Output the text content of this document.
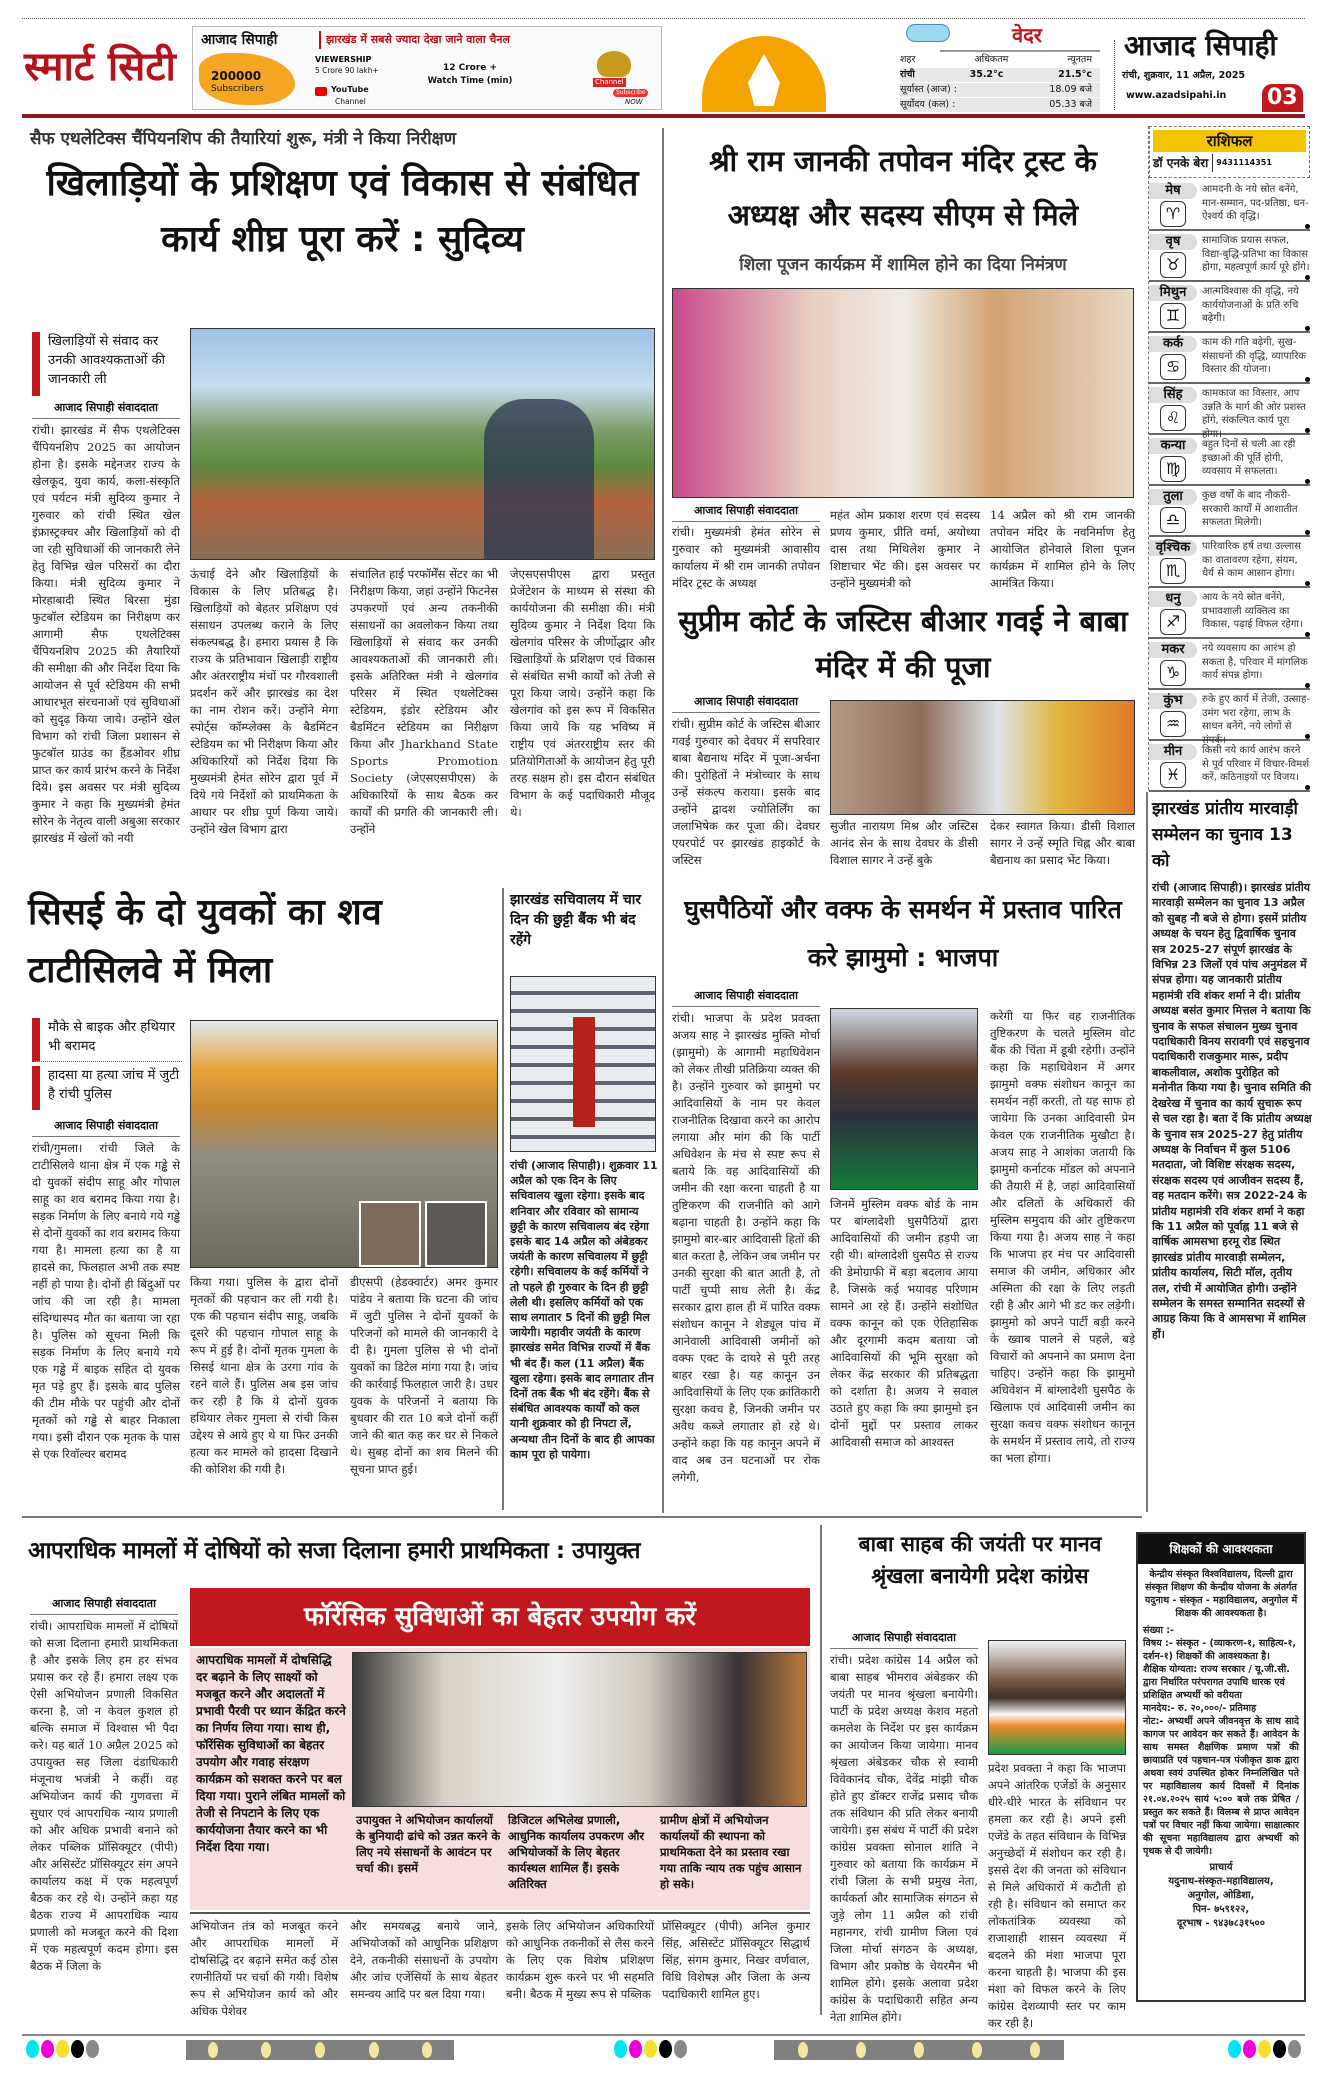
स्मार्ट सिटी
आजाद सिपाही	झारखंड में सबसे ज्यादा देखा जाने वाला चैनल
200000
Subscribers
VIEWERSHIP
5 Crore 90 lakh+	12 Crore +
Watch Time (min)
YouTube
Channel
Channel
Subscribe
NOW
वेदर
शहर	अधिकतम	न्यूनतम
रांची	35.2°c	21.5°c
सूर्यास्त (आज) :	18.09 बजे
सूर्योदय (कल) :	05.33 बजे
आजाद सिपाही
रांची, शुक्रवार, 11 अप्रैल, 2025
www.azadsipahi.in 03
सैफ एथलेटिक्स चैंपियनशिप की तैयारियां शुरू, मंत्री ने किया निरीक्षण
खिलाड़ियों के प्रशिक्षण एवं विकास से संबंधित कार्य शीघ्र पूरा करें : सुदिव्य
खिलाड़ियों से संवाद कर उनकी आवश्यकताओं की जानकारी ली
आजाद सिपाही संवाददाता
रांची। झारखंड में सैफ एथलेटिक्स चैंपियनशिप 2025 का आयोजन होना है। इसके मद्देनजर राज्य के खेलकूद, युवा कार्य, कला-संस्कृति एवं पर्यटन मंत्री सुदिव्य कुमार ने गुरुवार को रांची स्थित खेल इंफ्रास्ट्रक्चर और खिलाड़ियों को दी जा रही सुविधाओं की जानकारी लेने हेतु विभिन्न खेल परिसरों का दौरा किया। मंत्री सुदिव्य कुमार ने मोरहाबादी स्थित बिरसा मुंडा फुटबॉल स्टेडियम का निरीक्षण कर आगामी सैफ एथलेटिक्स चैंपियनशिप 2025 की तैयारियों की समीक्षा की और निर्देश दिया कि आयोजन से पूर्व स्टेडियम की सभी आधारभूत संरचनाओं एवं सुविधाओं को सुदृढ़ किया जाये। उन्होंने खेल विभाग को रांची जिला प्रशासन से फुटबॉल ग्राउंड का हैंडओवर शीघ्र प्राप्त कर कार्य प्रारंभ करने के निर्देश दिये। इस अवसर पर मंत्री सुदिव्य कुमार ने कहा कि मुख्यमंत्री हेमंत सोरेन के नेतृत्व वाली अबुआ सरकार झारखंड में खेलों को नयी
ऊंचाई देने और खिलाड़ियों के विकास के लिए प्रतिबद्ध है। खिलाड़ियों को बेहतर प्रशिक्षण एवं संसाधन उपलब्ध कराने के लिए संकल्पबद्ध है। हमारा प्रयास है कि राज्य के प्रतिभावान खिलाड़ी राष्ट्रीय और अंतरराष्ट्रीय मंचों पर गौरवशाली प्रदर्शन करें और झारखंड का देश का नाम रोशन करें। उन्होंने मेगा स्पोर्ट्स कॉम्प्लेक्स के बैडमिंटन स्टेडियम का भी निरीक्षण किया और अधिकारियों को निर्देश दिया कि मुख्यमंत्री हेमंत सोरेन द्वारा पूर्व में दिये गये निर्देशों को प्राथमिकता के आधार पर शीघ्र पूर्ण किया जाये। उन्होंने खेल विभाग द्वारा
संचालित हाई परफॉर्मेंस सेंटर का भी निरीक्षण किया, जहां उन्होंने फिटनेस उपकरणों एवं अन्य तकनीकी संसाधनों का अवलोकन किया तथा खिलाड़ियों से संवाद कर उनकी आवश्यकताओं की जानकारी ली। इसके अतिरिक्त मंत्री ने खेलगांव परिसर में स्थित एथलेटिक्स स्टेडियम, इंडोर स्टेडियम और बैडमिंटन स्टेडियम का निरीक्षण किया और Jharkhand State Sports Promotion Society (जेएसएसपीएस) के अधिकारियों के साथ बैठक कर कार्यों की प्रगति की जानकारी ली। उन्होंने
जेएसएसपीएस द्वारा प्रस्तुत प्रेजेंटेशन के माध्यम से संस्था की कार्ययोजना की समीक्षा की। मंत्री सुदिव्य कुमार ने निर्देश दिया कि खेलगांव परिसर के जीर्णोद्धार और खिलाड़ियों के प्रशिक्षण एवं विकास से संबंधित सभी कार्यों को तेजी से पूरा किया जाये। उन्होंने कहा कि खेलगांव को इस रूप में विकसित किया जाये कि यह भविष्य में राष्ट्रीय एवं अंतरराष्ट्रीय स्तर की प्रतियोगिताओं के आयोजन हेतु पूरी तरह सक्षम हो। इस दौरान संबंधित विभाग के कई पदाधिकारी मौजूद थे।
श्री राम जानकी तपोवन मंदिर ट्रस्ट के अध्यक्ष और सदस्य सीएम से मिले
शिला पूजन कार्यक्रम में शामिल होने का दिया निमंत्रण
आजाद सिपाही संवाददाता
रांची। मुख्यमंत्री हेमंत सोरेन से गुरुवार को मुख्यमंत्री आवासीय कार्यालय में श्री राम जानकी तपोवन मंदिर ट्रस्ट के अध्यक्ष
महंत ओम प्रकाश शरण एवं सदस्य प्रणय कुमार, प्रीति वर्मा, अयोध्या दास तथा मिथिलेश कुमार ने शिष्टाचार भेंट की। इस अवसर पर उन्होंने मुख्यमंत्री को
14 अप्रैल को श्री राम जानकी तपोवन मंदिर के नवनिर्माण हेतु आयोजित होनेवाले शिला पूजन कार्यक्रम में शामिल होने के लिए आमंत्रित किया।
सुप्रीम कोर्ट के जस्टिस बीआर गवई ने बाबा मंदिर में की पूजा
आजाद सिपाही संवाददाता
रांची। सुप्रीम कोर्ट के जस्टिस बीआर गवई गुरुवार को देवघर में सपरिवार बाबा बैद्यनाथ मंदिर में पूजा-अर्चना की। पुरोहितों ने मंत्रोच्चार के साथ उन्हें संकल्प कराया। इसके बाद उन्होंने द्वादश ज्योतिर्लिंग का जलाभिषेक कर पूजा की। देवघर एयरपोर्ट पर झारखंड हाइकोर्ट के जस्टिस
सुजीत नारायण मिश्र और जस्टिस आनंद सेन के साथ देवघर के डीसी विशाल सागर ने उन्हें बुके
देकर स्वागत किया। डीसी विशाल सागर ने उन्हें स्मृति चिह्न और बाबा बैद्यनाथ का प्रसाद भेंट किया।
राशिफल
डॉ एनके बेरा	9431114351
मेष
♈
आमदनी के नये स्रोत बनेंगे, मान-सम्मान, पद-प्रतिष्ठा, धन-ऐश्वर्य की वृद्धि।
वृष
♉
सामाजिक प्रयास सफल, विद्या-बुद्धि-प्रतिभा का विकास होगा, महत्वपूर्ण कार्य पूरे होंगे।
मिथुन
♊
आत्मविश्वास की वृद्धि, नये कार्ययोजनाओं के प्रति रुचि बढ़ेगी।
कर्क
♋
काम की गति बढ़ेगी, सुख-संसाधनों की वृद्धि, व्यापारिक विस्तार की योजना।
सिंह
♌
कामकाज का विस्तार, आप उन्नति के मार्ग की ओर प्रशस्त होंगे, संकल्पित कार्य पूरा होगा।
कन्या
♍
बहुत दिनों से चली आ रही इच्छाओं की पूर्ति होगी, व्यवसाय में सफलता।
तुला
♎
कुछ वर्षों के बाद नौकरी-सरकारी कार्यों में आशातीत सफलता मिलेगी।
वृश्चिक
♏
पारिवारिक हर्ष तथा उल्लास का वातावरण रहेगा, संयम, धैर्य से काम आसान होगा।
धनु
♐
आय के नये स्रोत बनेंगे, प्रभावशाली व्यक्तित्व का विकास, पढ़ाई विफल रहेगा।
मकर
♑
नये व्यवसाय का आरंभ हो सकता है, परिवार में मांगलिक कार्य संपन्न होगा।
कुंभ
♒
रुके हुए कार्य में तेजी, उत्साह-उमंग भरा रहेगा, लाभ के साधन बनेंगे, नये लोगों से संपर्क।
मीन
♓
किसी नये कार्य आरंभ करने से पूर्व परिवार में विचार-विमर्श करें, कठिनाइयों पर विजय।
झारखंड प्रांतीय मारवाड़ी सम्मेलन का चुनाव 13 को
रांची (आजाद सिपाही)। झारखंड प्रांतीय मारवाड़ी सम्मेलन का चुनाव 13 अप्रैल को सुबह नौ बजे से होगा। इसमें प्रांतीय अध्यक्ष के चयन हेतु द्विवार्षिक चुनाव सत्र 2025-27 संपूर्ण झारखंड के विभिन्न 23 जिलों एवं पांच अनुमंडल में संपन्न होगा। यह जानकारी प्रांतीय महामंत्री रवि शंकर शर्मा ने दी। प्रांतीय अध्यक्ष बसंत कुमार मित्तल ने बताया कि चुनाव के सफल संचालन मुख्य चुनाव पदाधिकारी विनय सरावगी एवं सहचुनाव पदाधिकारी राजकुमार मारू, प्रदीप बाकलीवाल, अशोक पुरोहित को मनोनीत किया गया है। चुनाव समिति की देखरेख में चुनाव का कार्य सुचारू रूप से चल रहा है। बता दें कि प्रांतीय अध्यक्ष के चुनाव सत्र 2025-27 हेतु प्रांतीय अध्यक्ष के निर्वाचन में कुल 5106 मतदाता, जो विशिष्ट संरक्षक सदस्य, संरक्षक सदस्य एवं आजीवन सदस्य हैं, वह मतदान करेंगे। सत्र 2022-24 के प्रांतीय महामंत्री रवि शंकर शर्मा ने कहा कि 11 अप्रैल को पूर्वाह्न 11 बजे से वार्षिक आमसभा हरमू रोड स्थित झारखंड प्रांतीय मारवाड़ी सम्मेलन, प्रांतीय कार्यालय, सिटी मॉल, तृतीय तल, रांची में आयोजित होगी। उन्होंने सम्मेलन के समस्त सम्मानित सदस्यों से आग्रह किया कि वे आमसभा में शामिल हों।
सिसई के दो युवकों का शव टाटीसिलवे में मिला
मौके से बाइक और हथियार भी बरामद
हादसा या हत्या जांच में जुटी है रांची पुलिस
आजाद सिपाही संवाददाता
रांची/गुमला। रांची जिले के टाटीसिलवे थाना क्षेत्र में एक गड्ढे से दो युवकों संदीप साहू और गोपाल साहू का शव बरामद किया गया है। सड़क निर्माण के लिए बनाये गये गड्ढे से दोनों युवकों का शव बरामद किया गया है। मामला हत्या का है या हादसे का, फिलहाल अभी तक स्पष्ट नहीं हो पाया है। दोनों ही बिंदुओं पर जांच की जा रही है। मामला संदिग्धास्पद मौत का बताया जा रहा है। पुलिस को सूचना मिली कि सड़क निर्माण के लिए बनाये गये एक गड्ढे में बाइक सहित दो युवक मृत पड़े हुए हैं। इसके बाद पुलिस की टीम मौके पर पहुंची और दोनों मृतकों को गड्ढे से बाहर निकाला गया। इसी दौरान एक मृतक के पास से एक रिवॉल्वर बरामद
किया गया। पुलिस के द्वारा दोनों मृतकों की पहचान कर ली गयी है। एक की पहचान संदीप साहू, जबकि दूसरे की पहचान गोपाल साहू के रूप में हुई है। दोनों मृतक गुमला के सिसई थाना क्षेत्र के उरगा गांव के रहने वाले हैं। पुलिस अब इस जांच कर रही है कि ये दोनों युवक हथियार लेकर गुमला से रांची किस उद्देश्य से आये हुए थे या फिर उनकी हत्या कर मामले को हादसा दिखाने की कोशिश की गयी है।
डीएसपी (हेडक्वार्टर) अमर कुमार पांडेय ने बताया कि घटना की जांच में जुटी पुलिस ने दोनों युवकों के परिजनों को मामले की जानकारी दे दी है। गुमला पुलिस से भी दोनों युवकों का डिटेल मांगा गया है। जांच की कार्रवाई फिलहाल जारी है। उधर युवक के परिजनों ने बताया कि बुधवार की रात 10 बजे दोनों कहीं जाने की बात कह कर घर से निकले थे। सुबह दोनों का शव मिलने की सूचना प्राप्त हुई।
झारखंड सचिवालय में चार दिन की छुट्टी बैंक भी बंद रहेंगे
रांची (आजाद सिपाही)। शुक्रवार 11 अप्रैल को एक दिन के लिए सचिवालय खुला रहेगा। इसके बाद शनिवार और रविवार को सामान्य छुट्टी के कारण सचिवालय बंद रहेगा इसके बाद 14 अप्रैल को अंबेडकर जयंती के कारण सचिवालय में छुट्टी रहेगी। सचिवालय के कई कर्मियों ने तो पहले ही गुरुवार के दिन ही छुट्टी लेली थी। इसलिए कर्मियों को एक साथ लगातार 5 दिनों की छुट्टी मिल जायेगी। महावीर जयंती के कारण झारखंड समेत विभिन्न राज्यों में बैंक भी बंद हैं। कल (11 अप्रैल) बैंक खुला रहेगा। इसके बाद लगातार तीन दिनों तक बैंक भी बंद रहेंगे। बैंक से संबंधित आवश्यक कार्यों को कल यानी शुक्रवार को ही निपटा लें, अन्यथा तीन दिनों के बाद ही आपका काम पूरा हो पायेगा।
घुसपैठियों और वक्फ के समर्थन में प्रस्ताव पारित करे झामुमो : भाजपा
आजाद सिपाही संवाददाता
रांची। भाजपा के प्रदेश प्रवक्ता अजय साह ने झारखंड मुक्ति मोर्चा (झामुमो) के आगामी महाधिवेशन को लेकर तीखी प्रतिक्रिया व्यक्त की है। उन्होंने गुरुवार को झामुमो पर आदिवासियों के नाम पर केवल राजनीतिक दिखावा करने का आरोप लगाया और मांग की कि पार्टी अधिवेशन के मंच से स्पष्ट रूप से बताये कि वह आदिवासियों की जमीन की रक्षा करना चाहती है या तुष्टिकरण की राजनीति को आगे बढ़ाना चाहती है। उन्होंने कहा कि झामुमो बार-बार आदिवासी हितों की बात करता है, लेकिन जब जमीन पर उनकी सुरक्षा की बात आती है, तो पार्टी चुप्पी साध लेती है। केंद्र सरकार द्वारा हाल ही में पारित वक्फ संशोधन कानून ने शेड्यूल पांच में आनेवाली आदिवासी जमीनों को वक्फ एक्ट के दायरे से पूरी तरह बाहर रखा है। यह कानून उन आदिवासियों के लिए एक क्रांतिकारी सुरक्षा कवच है, जिनकी जमीन पर अवैध कब्जे लगातार हो रहे थे। उन्होंने कहा कि यह कानून अपने में वाद अब उन घटनाओं पर रोक लगेगी,
जिनमें मुस्लिम वक्फ बोर्ड के नाम पर बांग्लादेशी घुसपैठियों द्वारा आदिवासियों की जमीन हड़पी जा रही थी। बांग्लादेशी घुसपैठ से राज्य की डेमोग्राफी में बड़ा बदलाव आया है, जिसके कई भयावह परिणाम सामने आ रहे हैं। उन्होंने संशोधित वक्फ कानून को एक ऐतिहासिक और दूरगामी कदम बताया जो आदिवासियों की भूमि सुरक्षा को लेकर केंद्र सरकार की प्रतिबद्धता को दर्शाता है। अजय ने सवाल उठाते हुए कहा कि क्या झामुमो इन दोनों मुद्दों पर प्रस्ताव लाकर आदिवासी समाज को आश्वस्त
करेगी या फिर वह राजनीतिक तुष्टिकरण के चलते मुस्लिम वोट बैंक की चिंता में डूबी रहेगी। उन्होंने कहा कि महाधिवेशन में अगर झामुमो वक्फ संशोधन कानून का समर्थन नहीं करती, तो यह साफ हो जायेगा कि उनका आदिवासी प्रेम केवल एक राजनीतिक मुखौटा है। अजय साह ने आशंका जतायी कि झामुमो कर्नाटक मॉडल को अपनाने की तैयारी में है, जहां आदिवासियों और दलितों के अधिकारों की मुस्लिम समुदाय की ओर तुष्टिकरण किया गया है। अजय साह ने कहा कि भाजपा हर मंच पर आदिवासी समाज की जमीन, अधिकार और अस्मिता की रक्षा के लिए लड़ती रही है और आगे भी डट कर लड़ेगी। झामुमो को अपने पार्टी बड़ी करने के ख्वाब पालने से पहले, बड़े विचारों को अपनाने का प्रमाण देना चाहिए। उन्होंने कहा कि झामुमो अधिवेशन में बांग्लादेशी घुसपैठ के खिलाफ एवं आदिवासी जमीन का सुरक्षा कवच वक्फ संशोधन कानून के समर्थन में प्रस्ताव लाये, तो राज्य का भला होगा।
आपराधिक मामलों में दोषियों को सजा दिलाना हमारी प्राथमिकता : उपायुक्त
आजाद सिपाही संवाददाता
रांची। आपराधिक मामलों में दोषियों को सजा दिलाना हमारी प्राथमिकता है और इसके लिए हम हर संभव प्रयास कर रहे हैं। हमारा लक्ष्य एक ऐसी अभियोजन प्रणाली विकसित करना है, जो न केवल कुशल हो बल्कि समाज में विश्वास भी पैदा करे। यह बातें 10 अप्रैल 2025 को उपायुक्त सह जिला दंडाधिकारी मंजूनाथ भजंत्री ने कहीं। वह अभियोजन कार्य की गुणवत्ता में सुधार एवं आपराधिक न्याय प्रणाली को और अधिक प्रभावी बनाने को लेकर पब्लिक प्रॉसिक्यूटर (पीपी) और असिस्टेंट प्रॉसिक्यूटर संग अपने कार्यालय कक्ष में एक महत्वपूर्ण बैठक कर रहे थे। उन्होंने कहा यह बैठक राज्य में आपराधिक न्याय प्रणाली को मजबूत करने की दिशा में एक महत्वपूर्ण कदम होगा। इस बैठक में जिला के
फॉरेंसिक सुविधाओं का बेहतर उपयोग करें
आपराधिक मामलों में दोषसिद्धि दर बढ़ाने के लिए साक्ष्यों को मजबूत करने और अदालतों में प्रभावी पैरवी पर ध्यान केंद्रित करने का निर्णय लिया गया। साथ ही, फॉरेंसिक सुविधाओं का बेहतर उपयोग और गवाह संरक्षण कार्यक्रम को सशक्त करने पर बल दिया गया। पुराने लंबित मामलों को तेजी से निपटाने के लिए एक कार्ययोजना तैयार करने का भी निर्देश दिया गया।
उपायुक्त ने अभियोजन कार्यालयों के बुनियादी ढांचे को उन्नत करने के लिए नये संसाधनों के आवंटन पर चर्चा की। इसमें
डिजिटल अभिलेख प्रणाली, आधुनिक कार्यालय उपकरण और अभियोजकों के लिए बेहतर कार्यस्थल शामिल हैं। इसके अतिरिक्त
ग्रामीण क्षेत्रों में अभियोजन कार्यालयों की स्थापना को प्राथमिकता देने का प्रस्ताव रखा गया ताकि न्याय तक पहुंच आसान हो सके।
अभियोजन तंत्र को मजबूत करने और आपराधिक मामलों में दोषसिद्धि दर बढ़ाने समेत कई ठोस रणनीतियों पर चर्चा की गयी। विशेष रूप से अभियोजन कार्य को और अधिक पेशेवर
और समयबद्ध बनाये जाने, अभियोजकों को आधुनिक प्रशिक्षण देने, तकनीकी संसाधनों के उपयोग और जांच एजेंसियों के साथ बेहतर समन्वय आदि पर बल दिया गया।
इसके लिए अभियोजन अधिकारियों को आधुनिक तकनीकों से लैस करने के लिए एक विशेष प्रशिक्षण कार्यक्रम शुरू करने पर भी सहमति बनी। बैठक में मुख्य रूप से पब्लिक
प्रॉसिक्यूटर (पीपी) अनिल कुमार सिंह, असिस्टेंट प्रॉसिक्यूटर सिद्धार्थ सिंह, संगम कुमार, निखर वर्णवाल, विधि विशेषज्ञ और जिला के अन्य पदाधिकारी शामिल हुए।
बाबा साहब की जयंती पर मानव श्रृंखला बनायेगी प्रदेश कांग्रेस
आजाद सिपाही संवाददाता
रांची। प्रदेश कांग्रेस 14 अप्रैल को बाबा साहब भीमराव अंबेडकर की जयंती पर मानव श्रृंखला बनायेगी। पार्टी के प्रदेश अध्यक्ष केशव महतो कमलेश के निर्देश पर इस कार्यक्रम का आयोजन किया जायेगा। मानव श्रृंखला अंबेडकर चौक से स्वामी विवेकानंद चौक, देवेंद्र मांझी चौक होते हुए डॉक्टर राजेंद्र प्रसाद चौक तक संविधान की प्रति लेकर बनायी जायेगी। इस संबंध में पार्टी की प्रदेश कांग्रेस प्रवक्ता सोनाल शांति ने गुरुवार को बताया कि कार्यक्रम में रांची जिला के सभी प्रमुख नेता, कार्यकर्ता और सामाजिक संगठन से जुड़े लोग 11 अप्रैल को रांची महानगर, रांची ग्रामीण जिला एवं जिला मोर्चा संगठन के अध्यक्ष, विभाग और प्रकोष्ठ के चेयरमैन भी शामिल होंगे। इसके अलावा प्रदेश कांग्रेस के पदाधिकारी सहित अन्य नेता शामिल होंगे।
प्रदेश प्रवक्ता ने कहा कि भाजपा अपने आंतरिक एजेंडों के अनुसार धीरे-धीरे भारत के संविधान पर हमला कर रही है। अपने इसी एजेंडे के तहत संविधान के विभिन्न अनुच्छेदों में संशोधन कर रही है। इससे देश की जनता को संविधान से मिले अधिकारों में कटौती हो रही है। संविधान को समाप्त कर लोकतांत्रिक व्यवस्था को राजाशाही शासन व्यवस्था में बदलने की मंशा भाजपा पूरा करना चाहती है। भाजपा की इस मंशा को विफल करने के लिए कांग्रेस देशव्यापी स्तर पर काम कर रही है।
शिक्षकों की आवश्यकता
केन्द्रीय संस्कृत विश्वविद्यालय, दिल्ली द्वारा संस्कृत शिक्षण की केन्द्रीय योजना के अंतर्गत यदुनाथ - संस्कृत - महाविद्यालय, अनुगोल में शिक्षक की आवश्यकता है।
संख्या :-
विषय :- संस्कृत - (व्याकरण-१, साहित्य-१, दर्शन-१) शिक्षकों की आवश्यकता है।
शैक्षिक योग्यता: राज्य सरकार / यू.जी.सी. द्वारा निर्धारित परंपरागत उपाधि धारक एवं प्रशिक्षित अभ्यर्थी को वरीयता
मानदेय:- रु. २०,०००/- प्रतिमाह
नोट:- अभ्यर्थी अपने जीवनवृत्त के साथ सादे कागज पर आवेदन कर सकते हैं। आवेदन के साथ समस्त शैक्षणिक प्रमाण पत्रों की छायाप्रति एवं पहचान-पत्र पंजीकृत डाक द्वारा अथवा स्वयं उपस्थित होकर निम्नलिखित पते पर महाविद्यालय कार्य दिवसों में दिनांक २१.०४.२०२५ सायं ५:०० बजे तक प्रेषित / प्रस्तुत कर सकते हैं। विलम्ब से प्राप्त आवेदन पत्रों पर विचार नहीं किया जायेगा। साक्षात्कार की सूचना महाविद्यालय द्वारा अभ्यर्थी को पृथक से दी जायेगी।
प्राचार्य
यदुनाथ-संस्कृत-महाविद्यालय,
अनुगोल, ओडिशा,
पिन- ७५९१२२,
दूरभाष - ९४३७८३१५००
